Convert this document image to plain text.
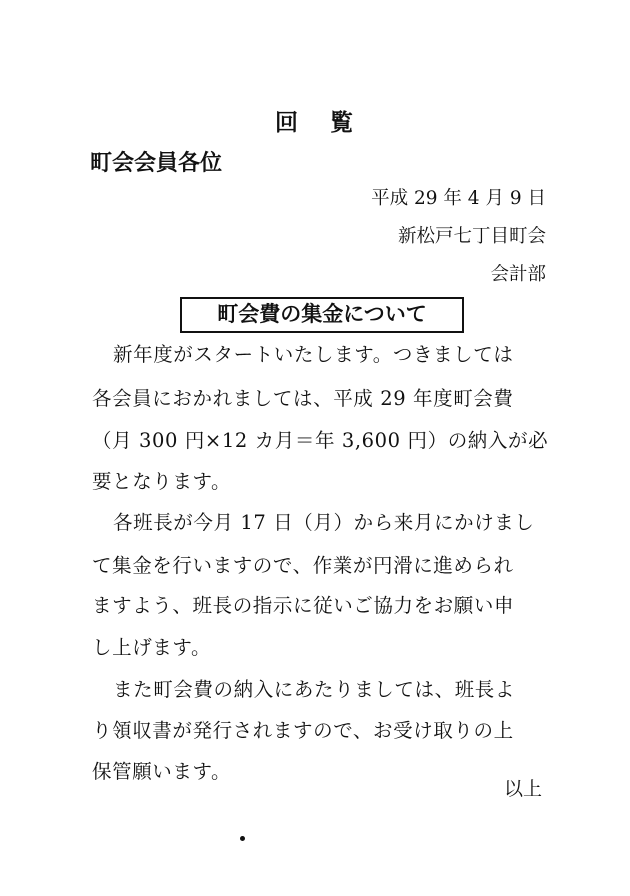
回 覧
町会会員各位
平成 29 年 4 月 9 日
新松戸七丁目町会
会計部
町会費の集金について
新年度がスタートいたします。つきましては
各会員におかれましては、平成 29 年度町会費
（月 300 円×12 カ月＝年 3,600 円）の納入が必
要となります。
各班長が今月 17 日（月）から来月にかけまし
て集金を行いますので、作業が円滑に進められ
ますよう、班長の指示に従いご協力をお願い申
し上げます。
また町会費の納入にあたりましては、班長よ
り領収書が発行されますので、お受け取りの上
保管願います。
以上
